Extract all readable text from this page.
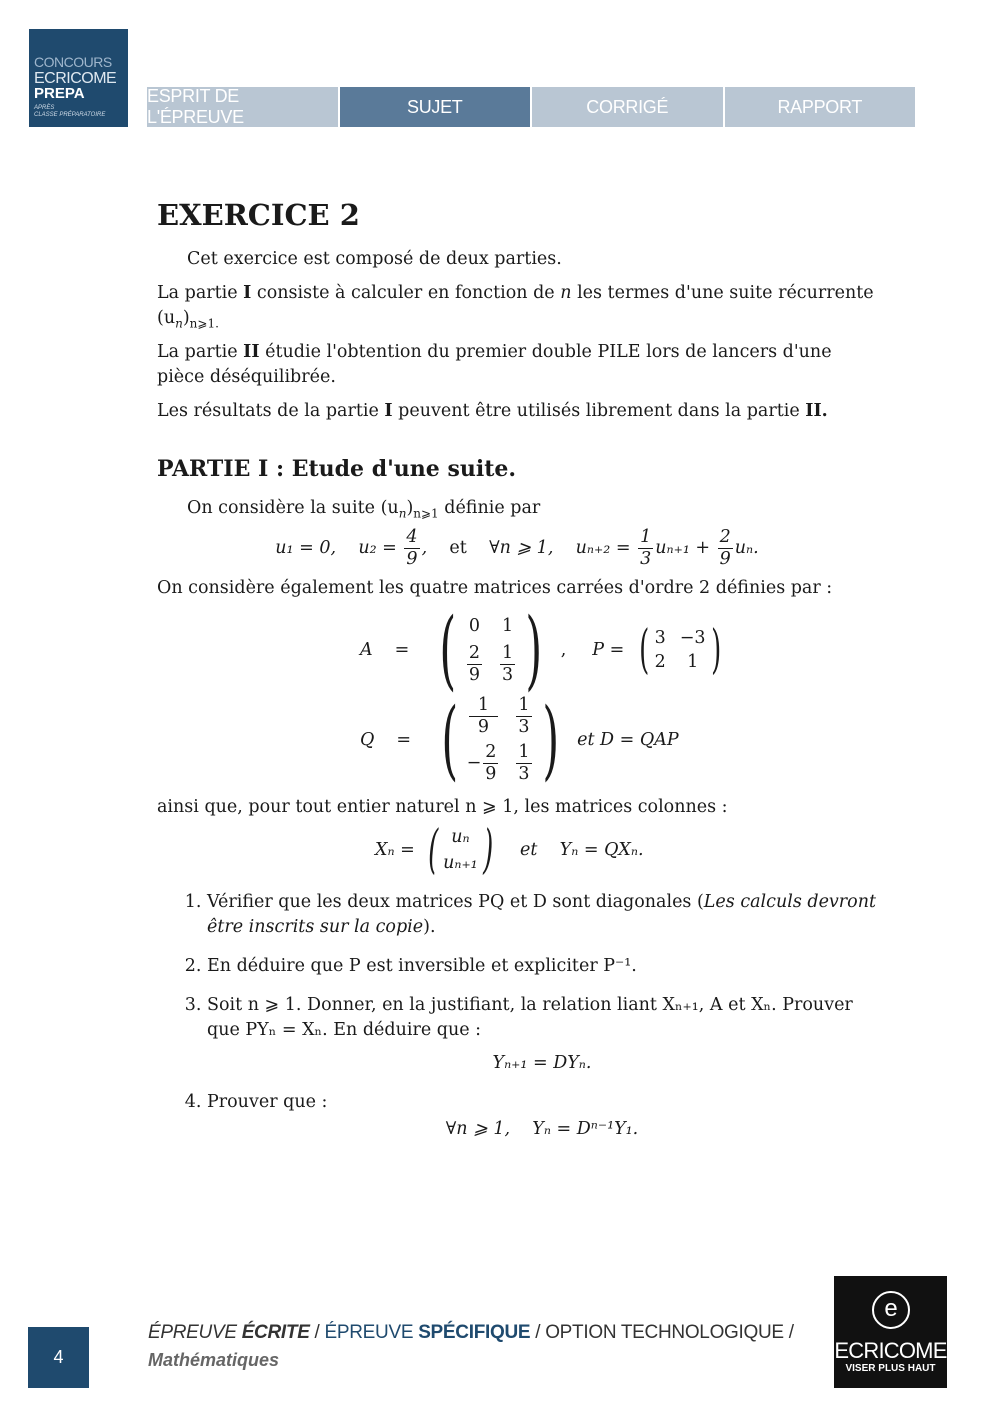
CONCOURS
ECRICOME
PREPA
APRÈS
CLASSE PRÉPARATOIRE
ESPRIT DE L'ÉPREUVE
SUJET	CORRIGÉ	RAPPORT
EXERCICE 2

Cet exercice est composé de deux parties.

La partie I consiste à calculer en fonction de n les termes d'une suite récurrente $(u_n)_{n⩾1.}$

La partie II étudie l'obtention du premier double PILE lors de lancers d'une pièce déséquilibrée.

Les résultats de la partie I peuvent être utilisés librement dans la partie II.

PARTIE I : Etude d'une suite.

On considère la suite $(u_n)_{n⩾1}$ définie par

u₁ = 0, $u_2 = \frac{4}{9}$ , et ∀n ⩾ 1, $u_{n+2} = \frac{1}{3} u_{n+1} + \frac{2}{9} u_n$.

On considère également les quatre matrices carrées d'ordre 2 définies par :

A = ( 0 1
$\frac{2}{9} \frac{1}{3}$ ) , P = ( 3 −3
2	1 )
Q = ( $\frac{1}{9} \frac{1}{3}$
− $\frac{2}{9} \frac{1}{3}$ ) et D = QAP

ainsi que, pour tout entier naturel n ⩾ 1, les matrices colonnes :

Xₙ = ( uₙ
uₙ₊₁ ) et    Yₙ = QXₙ.
1. Vérifier que les deux matrices PQ et D sont diagonales (Les calculs devront être inscrits sur la copie).
2. En déduire que P est inversible et expliciter P⁻¹.
3. Soit n ⩾ 1. Donner, en la justifiant, la relation liant Xₙ₊₁, A et Xₙ. Prouver que PYₙ = Xₙ. En déduire que :
Yₙ₊₁ = DYₙ.
4. Prouver que :
∀n ⩾ 1,    Yₙ = Dⁿ⁻¹Y₁.
4
ÉPREUVE ÉCRITE / ÉPREUVE SPÉCIFIQUE / OPTION TECHNOLOGIQUE /
Mathématiques
e
ECRICOME
VISER PLUS HAUT
